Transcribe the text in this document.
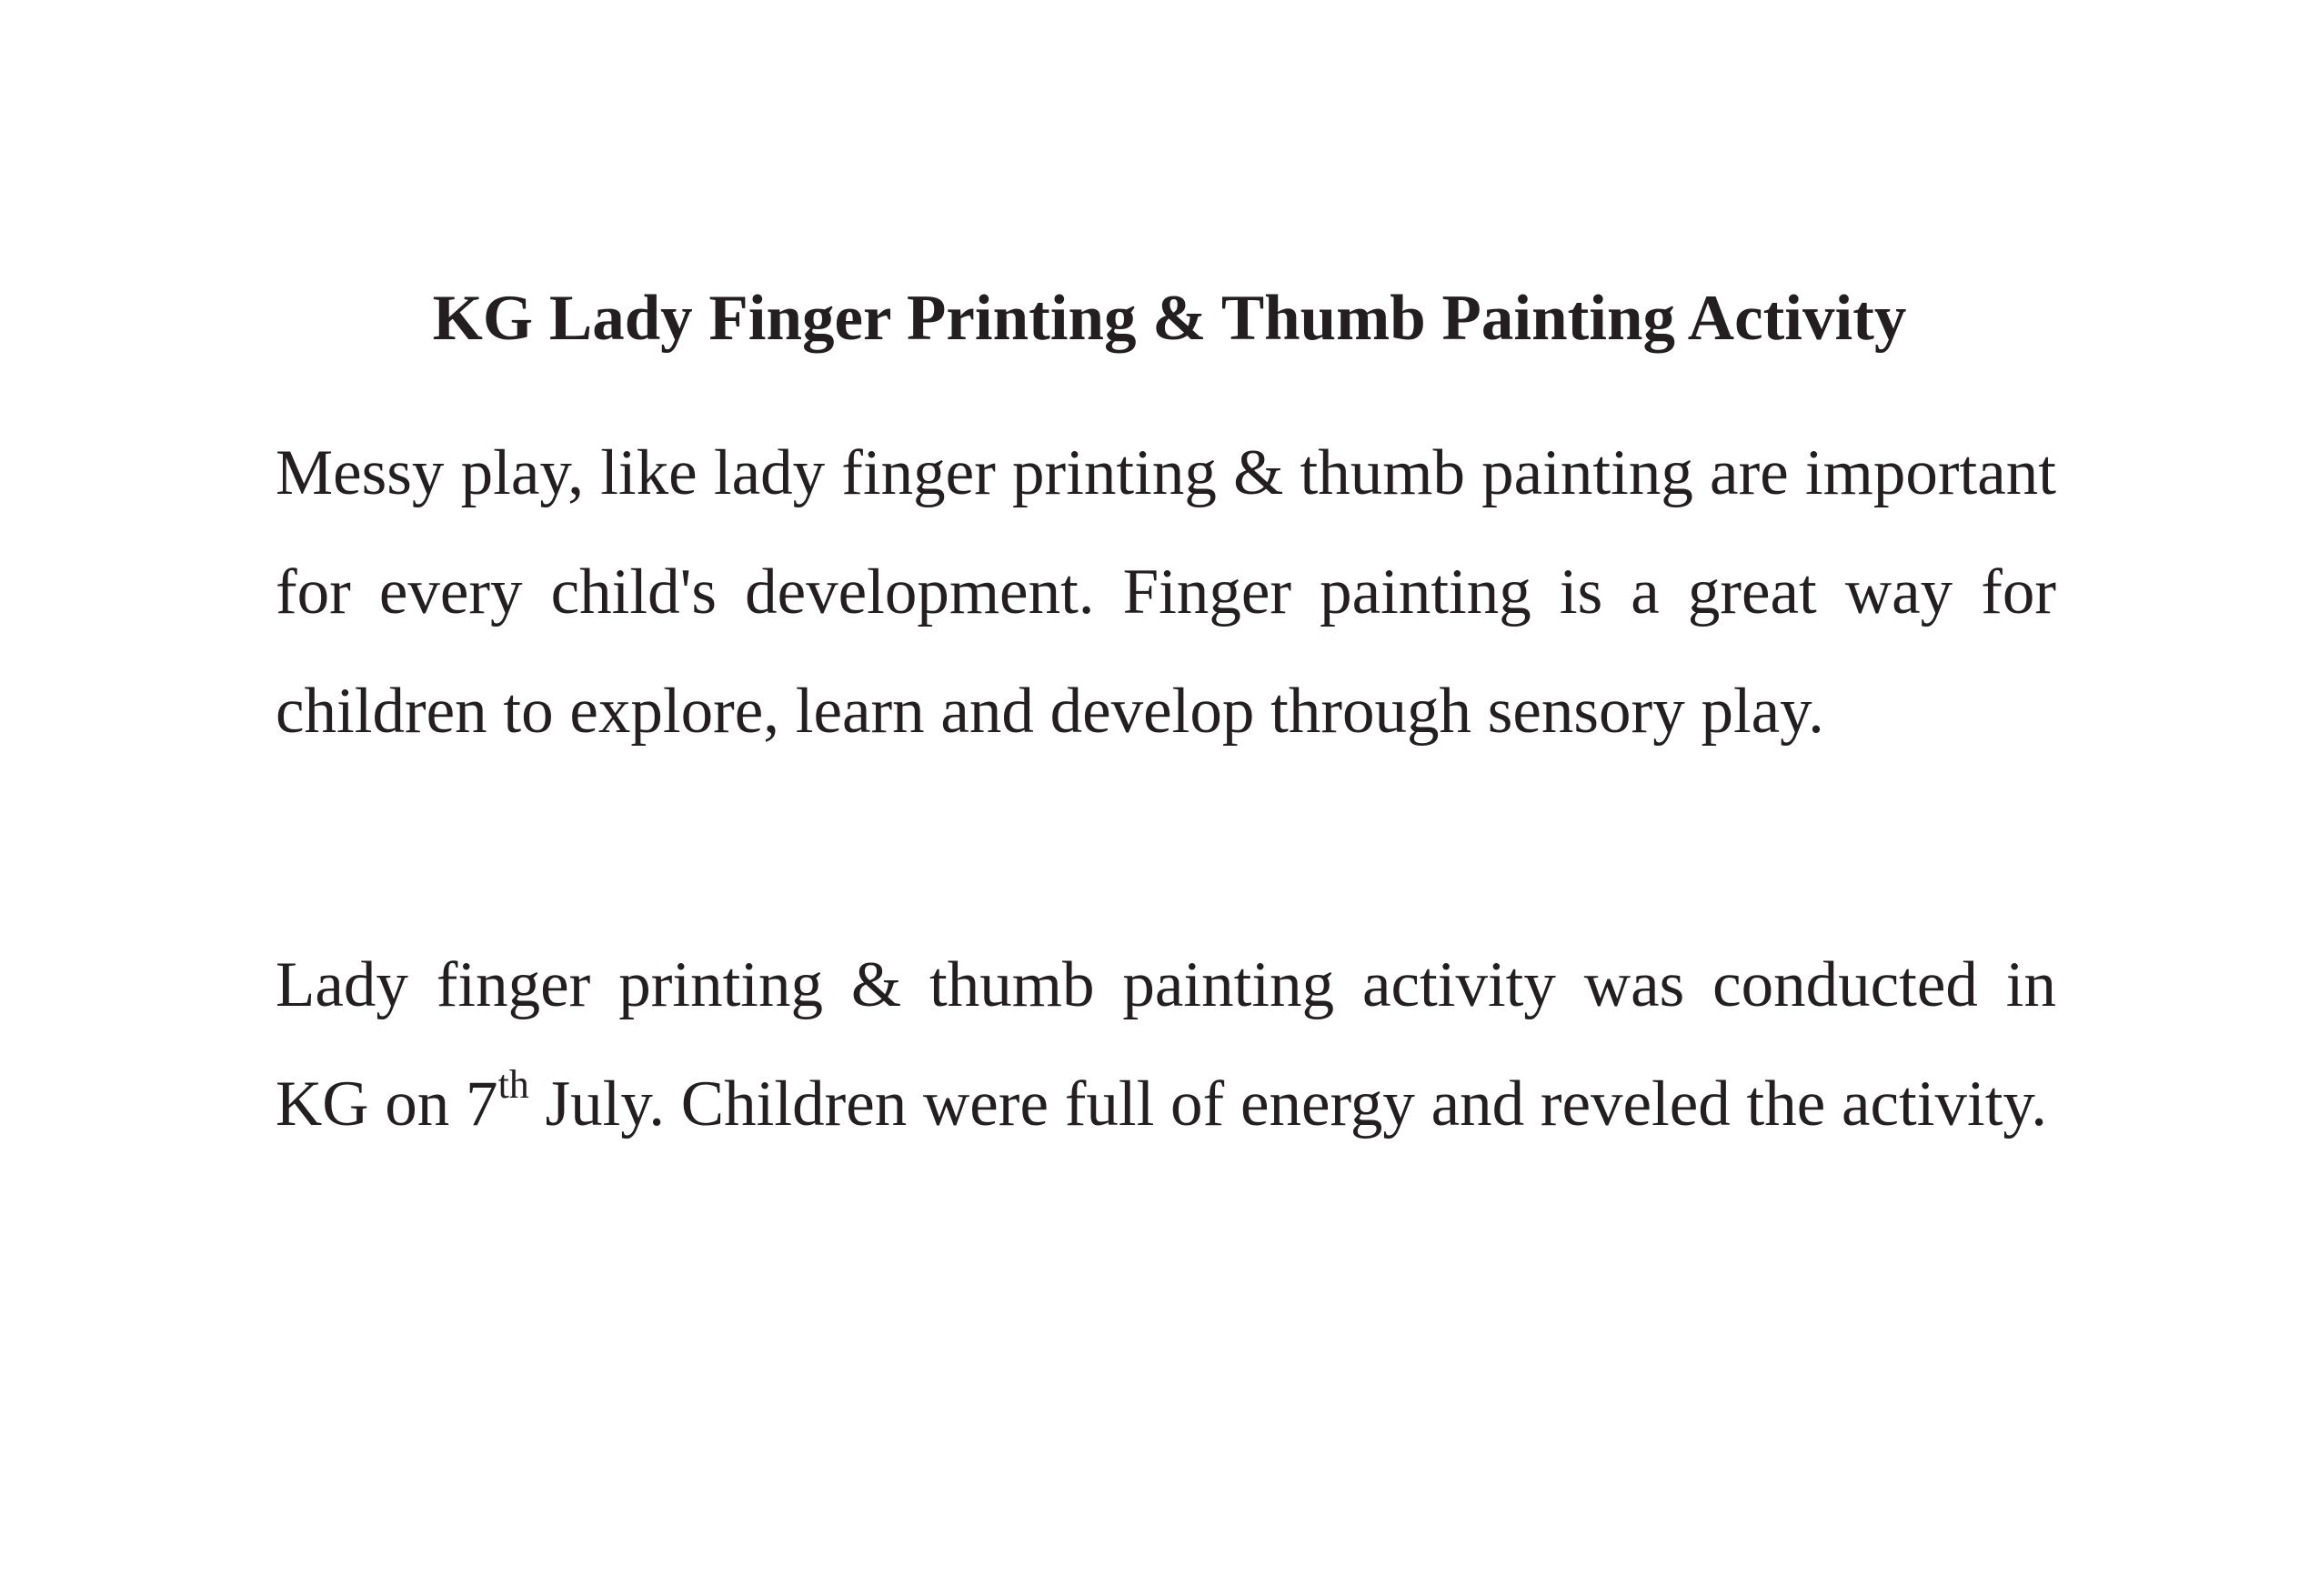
KG Lady Finger Printing & Thumb Painting Activity

Messy play, like lady finger printing & thumb painting are important for every child's development. Finger painting is a great way for children to explore, learn and develop through sensory play.

Lady finger printing & thumb painting activity was conducted in KG on 7th July. Children were full of energy and reveled the activity.
